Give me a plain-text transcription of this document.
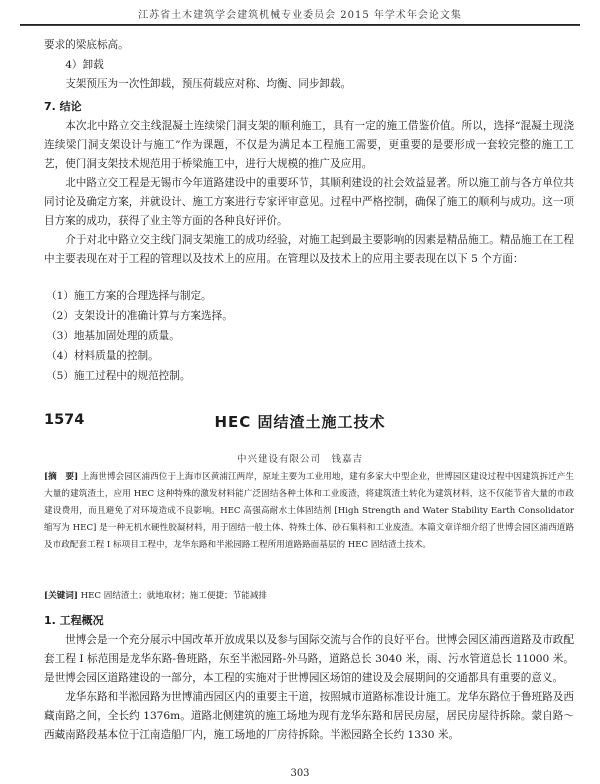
江苏省土木建筑学会建筑机械专业委员会 2015 年学术年会论文集

要求的梁底标高。

4）卸载

支架预压为一次性卸载，预压荷载应对称、均衡、同步卸载。

7. 结论

本次北中路立交主线混凝土连续梁门洞支架的顺利施工，具有一定的施工借鉴价值。所以，选择“混凝土现浇连续梁门洞支架设计与施工”作为课题，不仅是为满足本工程施工需要，更重要的是要形成一套较完整的施工工艺，使门洞支架技术规范用于桥梁施工中，进行大规模的推广及应用。

北中路立交工程是无锡市今年道路建设中的重要环节，其顺利建设的社会效益显著。所以施工前与各方单位共同讨论及确定方案，并就设计、施工方案进行专家评审意见。过程中严格控制，确保了施工的顺利与成功。这一项目方案的成功，获得了业主等方面的各种良好评价。

介于对北中路立交主线门洞支架施工的成功经验，对施工起到最主要影响的因素是精品施工。精品施工在工程中主要表现在对于工程的管理以及技术上的应用。在管理以及技术上的应用主要表现在以下 5 个方面：

（1）施工方案的合理选择与制定。

（2）支架设计的准确计算与方案选择。

（3）地基加固处理的质量。

（4）材料质量的控制。

（5）施工过程中的规范控制。

1574	HEC 固结渣土施工技术
中兴建设有限公司　钱嘉吉

[摘　要] 上海世博会园区浦西位于上海市区黄浦江两岸，原址主要为工业用地，建有多家大中型企业，世博园区建设过程中因建筑拆迁产生大量的建筑渣土，应用 HEC 这种特殊的激发材料能广泛固结各种土体和工业废渣，将建筑渣土转化为建筑材料，这不仅能节省大量的市政建设费用，而且避免了对环境造成不良影响。HEC 高强高耐水土体固结剂 [High Strength and Water Stability Earth Consolidator 缩写为 HEC] 是一种无机水硬性胶凝材料，用于固结一般土体、特殊土体、砂石集料和工业废渣。本篇文章详细介绍了世博会园区浦西道路及市政配套工程 I 标项目工程中，龙华东路和半淞园路工程所用道路路面基层的 HEC 固结渣土技术。

[关键词] HEC 固结渣土；就地取材；施工便捷；节能减排

1. 工程概况

世博会是一个充分展示中国改革开放成果以及参与国际交流与合作的良好平台。世博会园区浦西道路及市政配套工程 I 标范围是龙华东路-鲁班路，东至半淞园路-外马路，道路总长 3040 米，雨、污水管道总长 11000 米。是世博会园区道路建设的一部分，本工程的实施对于世博园区场馆的建设及会展期间的交通都具有重要的意义。

龙华东路和半淞园路为世博浦西园区内的重要主干道，按照城市道路标准设计施工。龙华东路位于鲁班路及西藏南路之间，全长约 1376m。道路北侧建筑的施工场地为现有龙华东路和居民房屋，居民房屋待拆除。蒙自路～西藏南路段基本位于江南造船厂内，施工场地的厂房待拆除。半淞园路全长约 1330 米。

303
